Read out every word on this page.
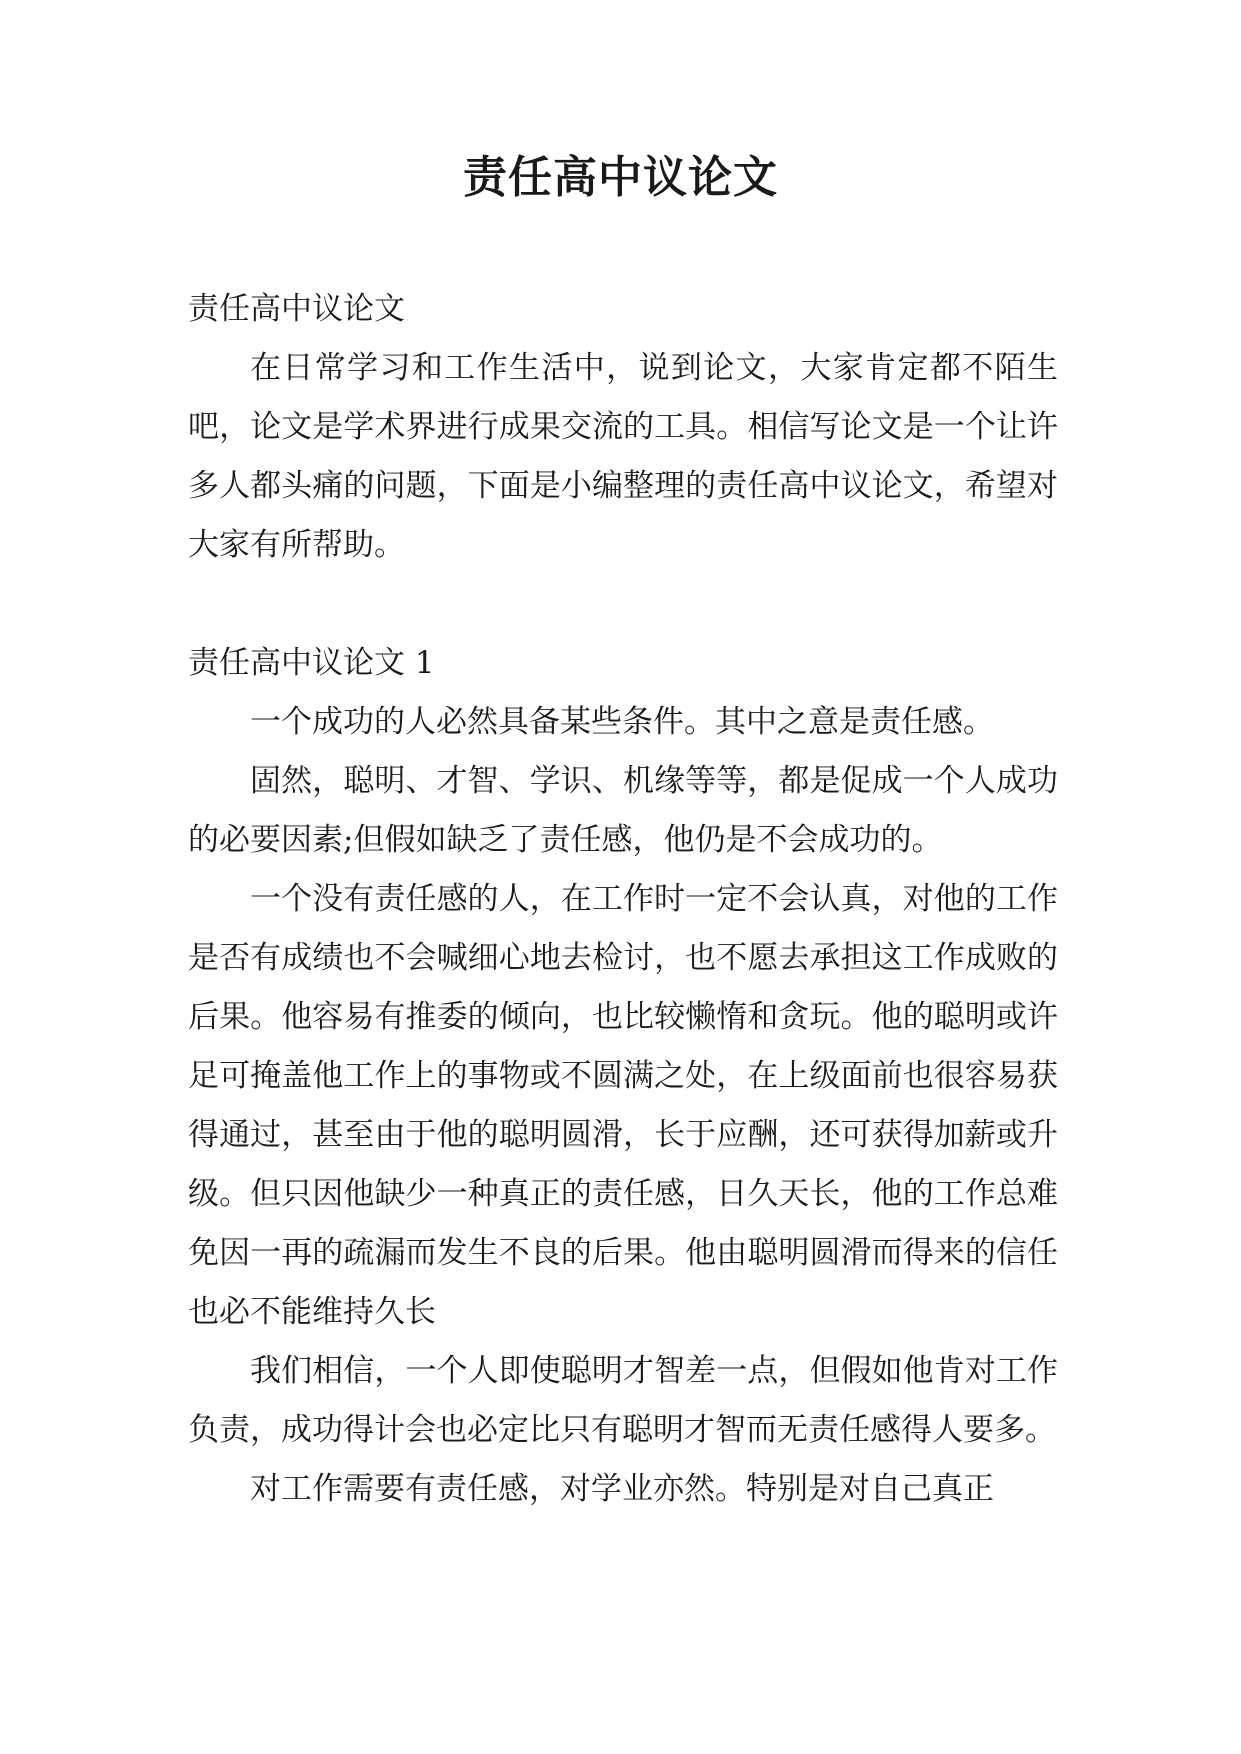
责任高中议论文

责任高中议论文

在日常学习和工作生活中，说到论文，大家肯定都不陌生吧，论文是学术界进行成果交流的工具。相信写论文是一个让许多人都头痛的问题，下面是小编整理的责任高中议论文，希望对大家有所帮助。

责任高中议论文 1

一个成功的人必然具备某些条件。其中之意是责任感。

固然，聪明、才智、学识、机缘等等，都是促成一个人成功的必要因素;但假如缺乏了责任感，他仍是不会成功的。

一个没有责任感的人，在工作时一定不会认真，对他的工作是否有成绩也不会喊细心地去检讨，也不愿去承担这工作成败的后果。他容易有推委的倾向，也比较懒惰和贪玩。他的聪明或许足可掩盖他工作上的事物或不圆满之处，在上级面前也很容易获得通过，甚至由于他的聪明圆滑，长于应酬，还可获得加薪或升级。但只因他缺少一种真正的责任感，日久天长，他的工作总难免因一再的疏漏而发生不良的后果。他由聪明圆滑而得来的信任也必不能维持久长

我们相信，一个人即使聪明才智差一点，但假如他肯对工作负责，成功得计会也必定比只有聪明才智而无责任感得人要多。

对工作需要有责任感，对学业亦然。特别是对自己真正
